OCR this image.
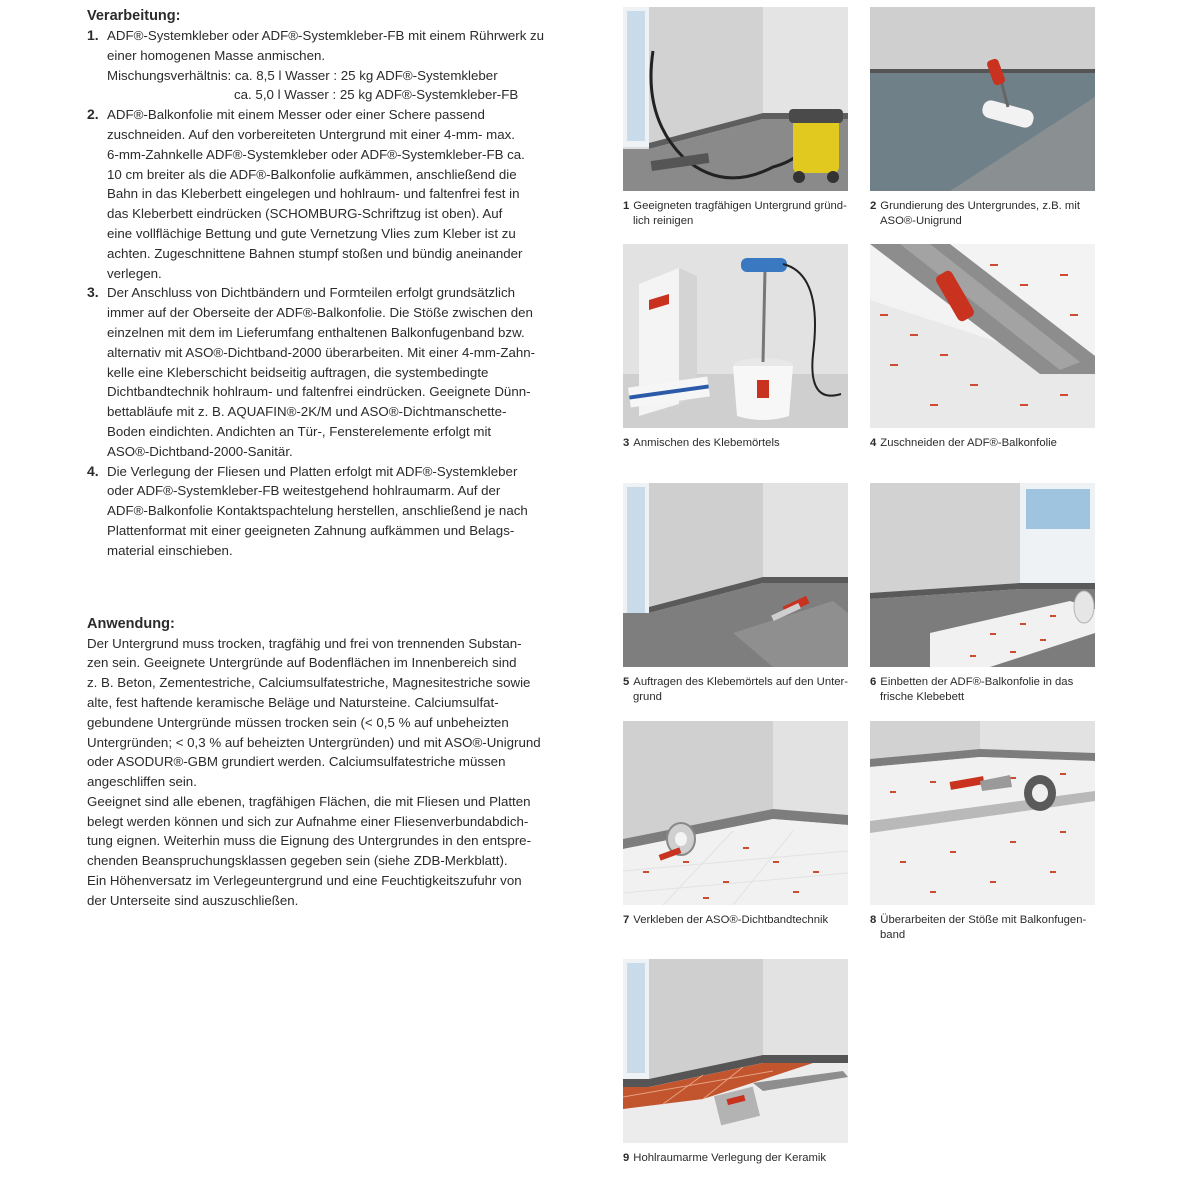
Verarbeitung:
1. ADF®-Systemkleber oder ADF®-Systemkleber-FB mit einem Rührwerk zu
einer homogenen Masse anmischen.
Mischungsverhältnis: ca. 8,5 l Wasser : 25 kg ADF®-Systemkleber
ca. 5,0 l Wasser : 25 kg ADF®-Systemkleber-FB
2. ADF®-Balkonfolie mit einem Messer oder einer Schere passend
zuschneiden. Auf den vorbereiteten Untergrund mit einer 4-mm- max.
6-mm-Zahnkelle ADF®-Systemkleber oder ADF®-Systemkleber-FB ca.
10 cm breiter als die ADF®-Balkonfolie aufkämmen, anschließend die
Bahn in das Kleberbett eingelegen und hohlraum- und faltenfrei fest in
das Kleberbett eindrücken (SCHOMBURG-Schriftzug ist oben). Auf
eine vollflächige Bettung und gute Vernetzung Vlies zum Kleber ist zu
achten. Zugeschnittene Bahnen stumpf stoßen und bündig aneinander
verlegen.
3. Der Anschluss von Dichtbändern und Formteilen erfolgt grundsätzlich
immer auf der Oberseite der ADF®-Balkonfolie. Die Stöße zwischen den
einzelnen mit dem im Lieferumfang enthaltenen Balkonfugenband bzw.
alternativ mit ASO®-Dichtband-2000 überarbeiten. Mit einer 4-mm-Zahn-
kelle eine Kleberschicht beidseitig auftragen, die systembedingte
Dichtbandtechnik hohlraum- und faltenfrei eindrücken. Geeignete Dünn-
bettabläufe mit z. B. AQUAFIN®-2K/M und ASO®-Dichtmanschette-
Boden eindichten. Andichten an Tür-, Fensterelemente erfolgt mit
ASO®-Dichtband-2000-Sanitär.
4. Die Verlegung der Fliesen und Platten erfolgt mit ADF®-Systemkleber
oder ADF®-Systemkleber-FB weitestgehend hohlraumarm. Auf der
ADF®-Balkonfolie Kontaktspachtelung herstellen, anschließend je nach
Plattenformat mit einer geeigneten Zahnung aufkämmen und Belags-
material einschieben.
Anwendung:
Der Untergrund muss trocken, tragfähig und frei von trennenden Substan-
zen sein. Geeignete Untergründe auf Bodenflächen im Innenbereich sind
z. B. Beton, Zementestriche, Calciumsulfatestriche, Magnesitestriche sowie
alte, fest haftende keramische Beläge und Natursteine. Calciumsulfat-
gebundene Untergründe müssen trocken sein (< 0,5 % auf unbeheizten
Untergründen; < 0,3 % auf beheizten Untergründen) und mit ASO®-Unigrund
oder ASODUR®-GBM grundiert werden. Calciumsulfatestriche müssen
angeschliffen sein.
Geeignet sind alle ebenen, tragfähigen Flächen, die mit Fliesen und Platten
belegt werden können und sich zur Aufnahme einer Fliesenverbundabdich-
tung eignen. Weiterhin muss die Eignung des Untergrundes in den entspre-
chenden Beanspruchungsklassen gegeben sein (siehe ZDB-Merkblatt).
Ein Höhenversatz im Verlegeuntergrund und eine Feuchtigkeitszufuhr von
der Unterseite sind auszuschließen.
1 Geeigneten tragfähigen Untergrund gründ-
lich reinigen
2 Grundierung des Untergrundes, z.B. mit
ASO®-Unigrund
3 Anmischen des Klebemörtels	4 Zuschneiden der ADF®-Balkonfolie
5 Auftragen des Klebemörtels auf den Unter-
grund
6 Einbetten der ADF®-Balkonfolie in das
frische Klebebett
7 Verkleben der ASO®-Dichtbandtechnik	8 Überarbeiten der Stöße mit Balkonfugen-
band
9 Hohlraumarme Verlegung der Keramik
